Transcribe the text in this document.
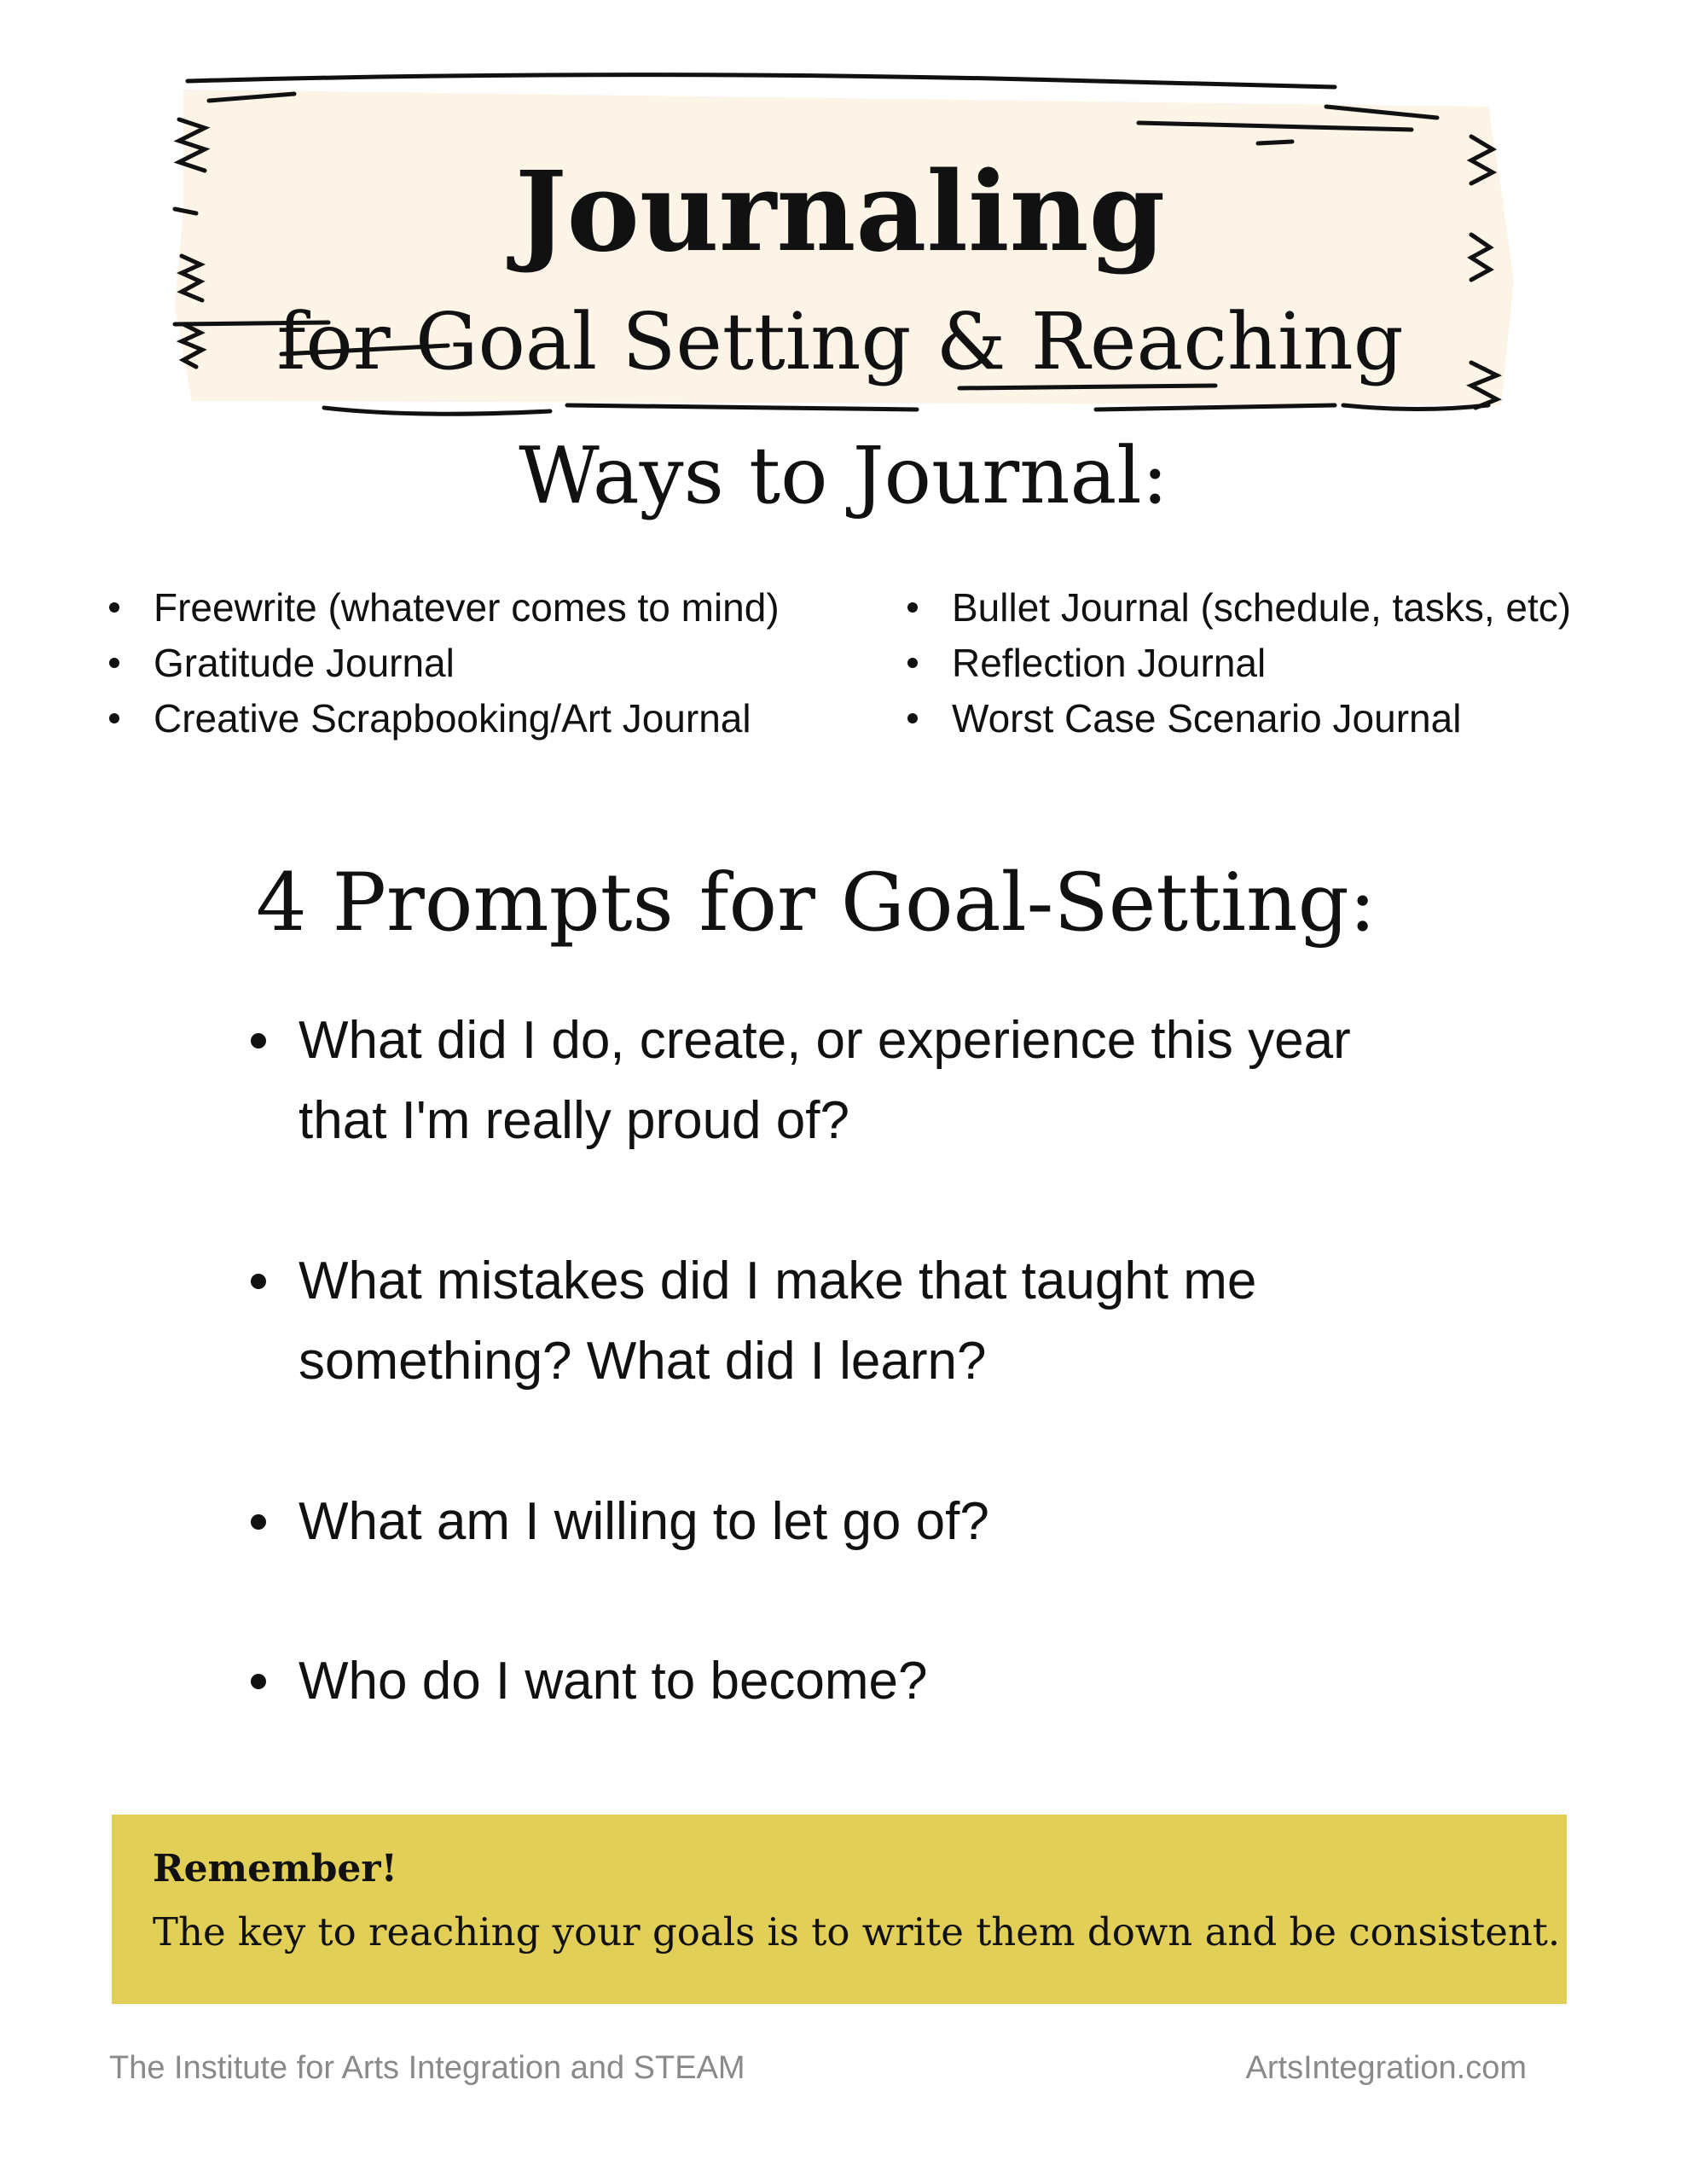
Journaling
for Goal Setting & Reaching
Ways to Journal:
Freewrite (whatever comes to mind)
Gratitude Journal
Creative Scrapbooking/Art Journal
Bullet Journal (schedule, tasks, etc)
Reflection Journal
Worst Case Scenario Journal
4 Prompts for Goal-Setting:
What did I do, create, or experience this year
that I'm really proud of?
What mistakes did I make that taught me
something? What did I learn?
What am I willing to let go of?
Who do I want to become?
Remember!
The key to reaching your goals is to write them down and be consistent.
The Institute for Arts Integration and STEAM	ArtsIntegration.com
